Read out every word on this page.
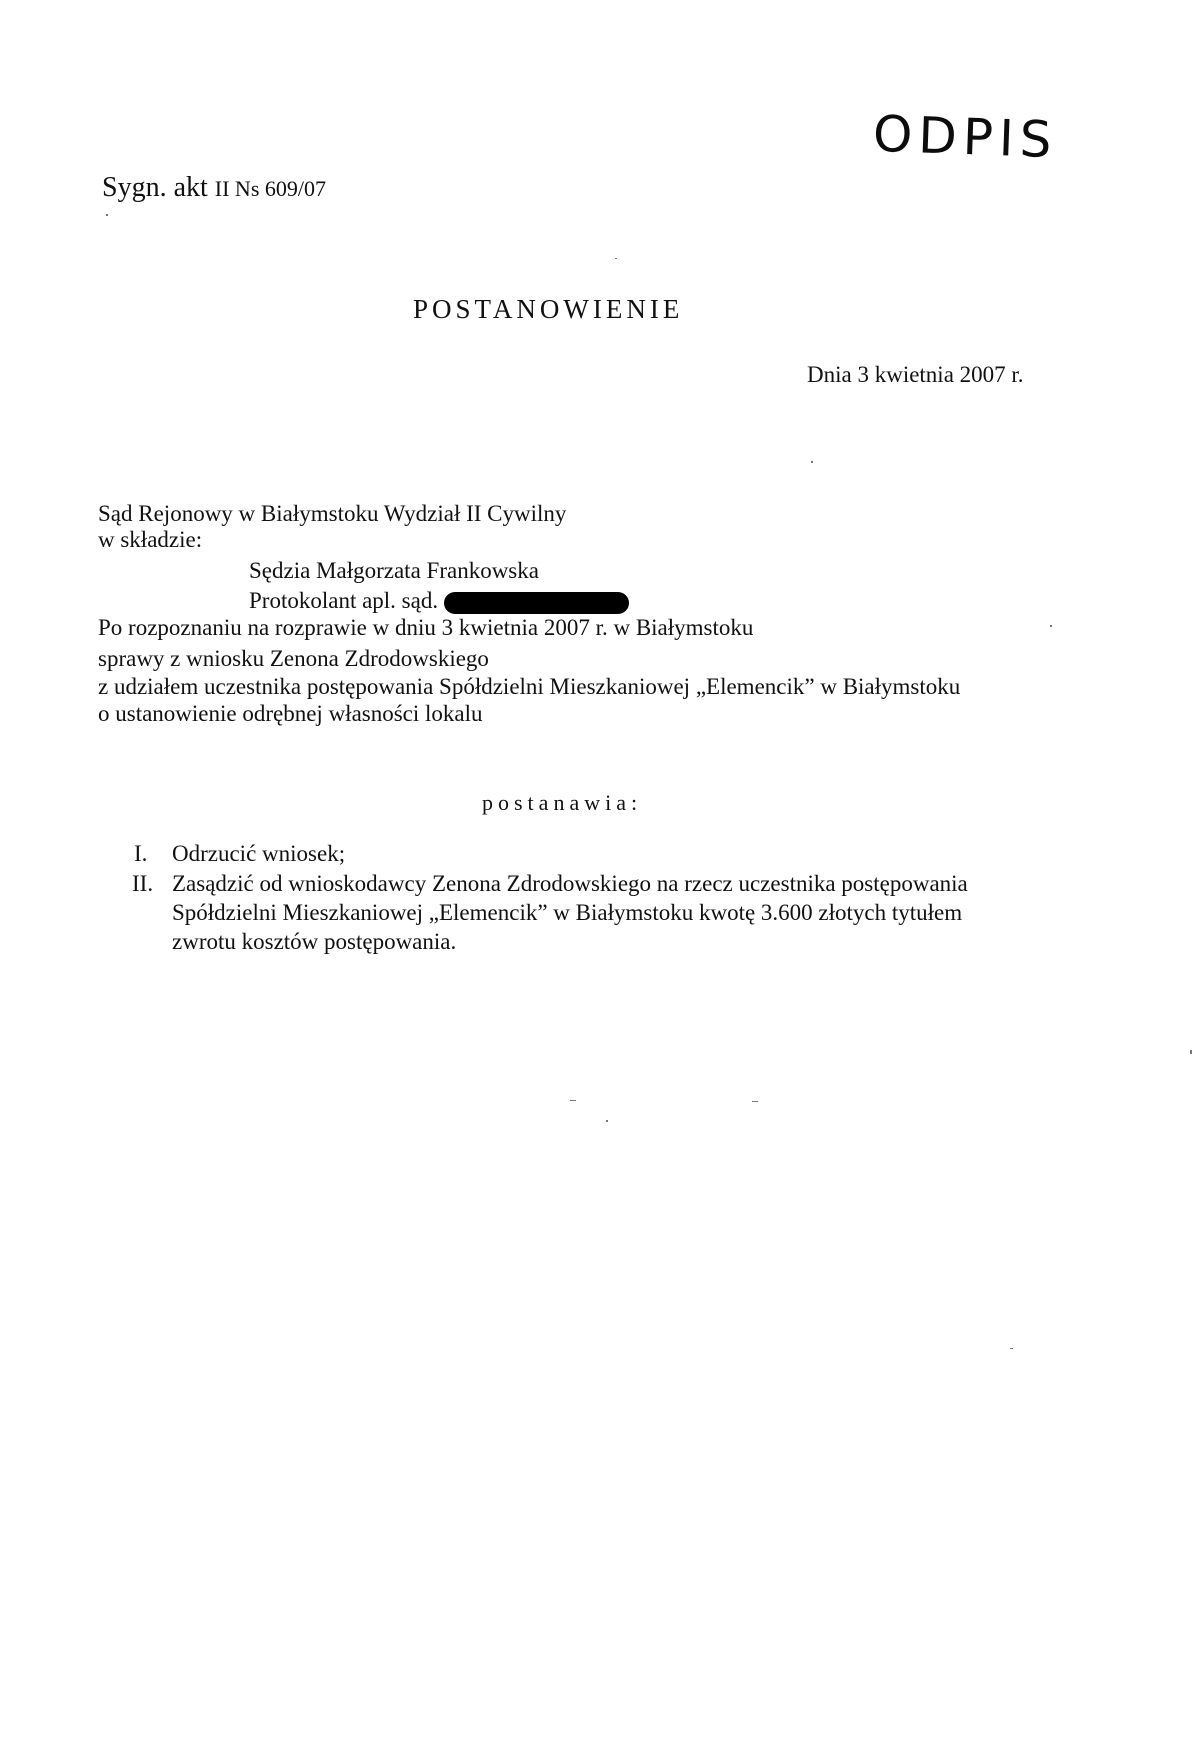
ODPIS
Sygn. akt II Ns 609/07
POSTANOWIENIE
Dnia 3 kwietnia 2007 r.
Sąd Rejonowy w Białymstoku Wydział II Cywilny
w składzie:
Sędzia Małgorzata Frankowska
Protokolant apl. sąd.
Po rozpoznaniu na rozprawie w dniu 3 kwietnia 2007 r. w Białymstoku
sprawy z wniosku Zenona Zdrodowskiego
z udziałem uczestnika postępowania Spółdzielni Mieszkaniowej „Elemencik” w Białymstoku
o ustanowienie odrębnej własności lokalu
postanawia:
I. Odrzucić wniosek;
II. Zasądzić od wnioskodawcy Zenona Zdrodowskiego na rzecz uczestnika postępowania
Spółdzielni Mieszkaniowej „Elemencik” w Białymstoku kwotę 3.600 złotych tytułem
zwrotu kosztów postępowania.
